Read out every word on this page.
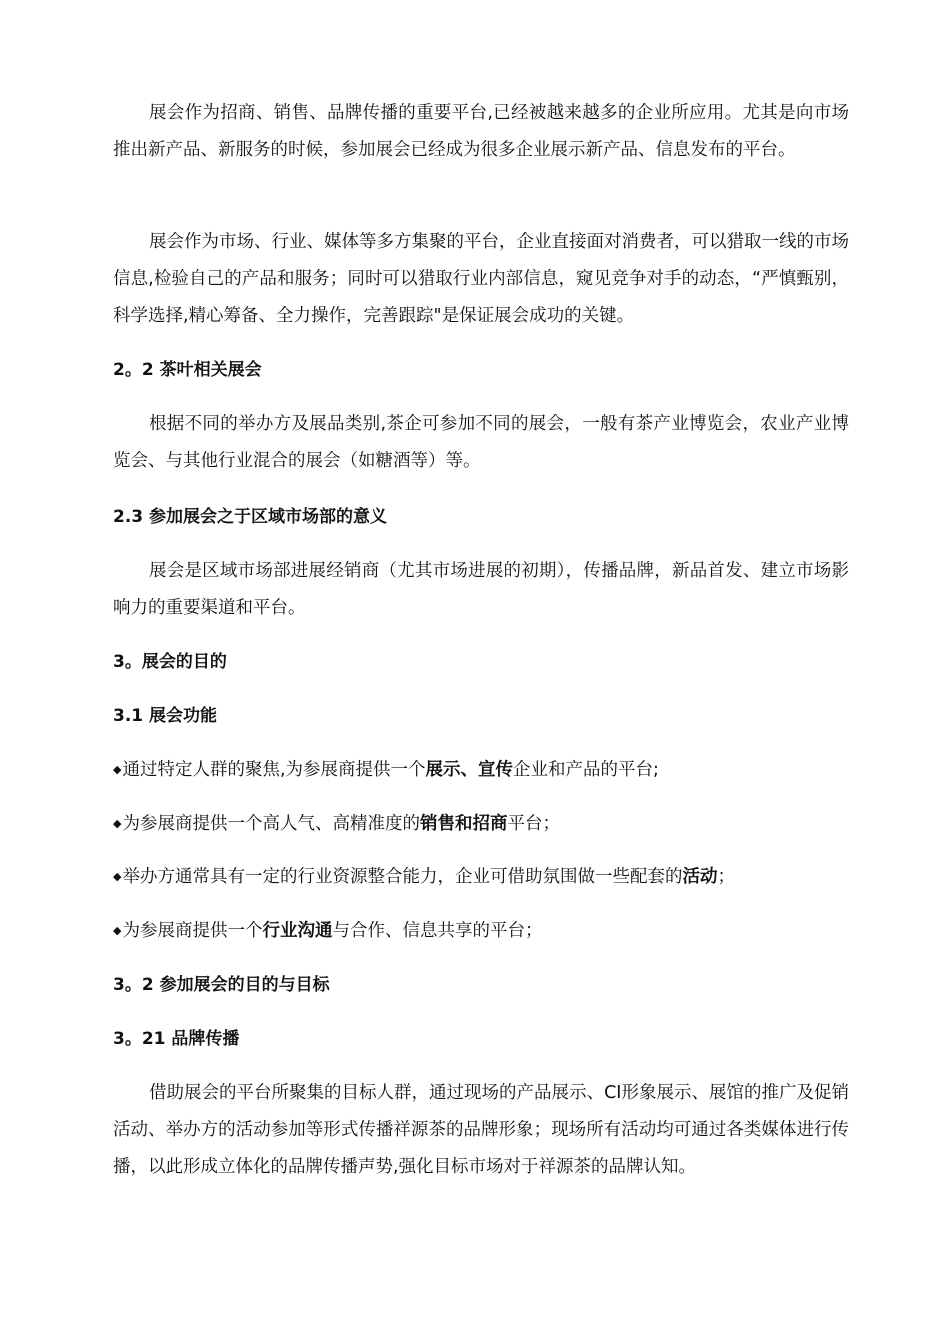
展会作为招商、销售、品牌传播的重要平台,已经被越来越多的企业所应用。尤其是向市场推出新产品、新服务的时候，参加展会已经成为很多企业展示新产品、信息发布的平台。

展会作为市场、行业、媒体等多方集聚的平台，企业直接面对消费者，可以猎取一线的市场信息,检验自己的产品和服务；同时可以猎取行业内部信息，窥见竞争对手的动态，“严慎甄别，科学选择,精心筹备、全力操作，完善跟踪"是保证展会成功的关键。

2。2 茶叶相关展会

根据不同的举办方及展品类别,茶企可参加不同的展会，一般有茶产业博览会，农业产业博览会、与其他行业混合的展会（如糖酒等）等。

2.3 参加展会之于区域市场部的意义

展会是区域市场部进展经销商（尤其市场进展的初期），传播品牌，新品首发、建立市场影响力的重要渠道和平台。

3。展会的目的
3.1 展会功能
◆通过特定人群的聚焦,为参展商提供一个展示、宣传企业和产品的平台;
◆为参展商提供一个高人气、高精准度的销售和招商平台；
◆举办方通常具有一定的行业资源整合能力，企业可借助氛围做一些配套的活动；
◆为参展商提供一个行业沟通与合作、信息共享的平台；
3。2 参加展会的目的与目标
3。21 品牌传播

借助展会的平台所聚集的目标人群，通过现场的产品展示、CI形象展示、展馆的推广及促销活动、举办方的活动参加等形式传播祥源茶的品牌形象；现场所有活动均可通过各类媒体进行传播，以此形成立体化的品牌传播声势,强化目标市场对于祥源茶的品牌认知。
